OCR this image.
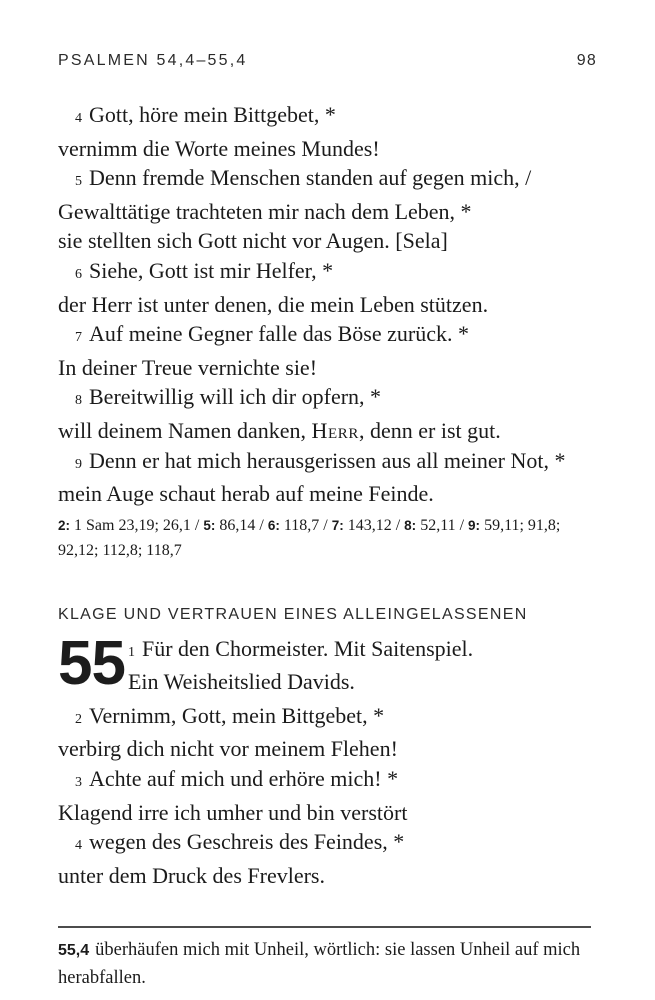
PSALMEN 54,4–55,4	98
4 Gott, höre mein Bittgebet, *
vernimm die Worte meines Mundes!
5 Denn fremde Menschen standen auf gegen mich, /
Gewalttätige trachteten mir nach dem Leben, *
sie stellten sich Gott nicht vor Augen. [Sela]
6 Siehe, Gott ist mir Helfer, *
der Herr ist unter denen, die mein Leben stützen.
7 Auf meine Gegner falle das Böse zurück. *
In deiner Treue vernichte sie!
8 Bereitwillig will ich dir opfern, *
will deinem Namen danken, Herr, denn er ist gut.
9 Denn er hat mich herausgerissen aus all meiner Not, *
mein Auge schaut herab auf meine Feinde.
2: 1 Sam 23,19; 26,1 / 5: 86,14 / 6: 118,7 / 7: 143,12 / 8: 52,11 / 9: 59,11; 91,8; 92,12; 112,8; 118,7
KLAGE UND VERTRAUEN EINES ALLEINGELASSENEN
55 1 Für den Chormeister. Mit Saitenspiel.
Ein Weisheitslied Davids.
2 Vernimm, Gott, mein Bittgebet, *
verbirg dich nicht vor meinem Flehen!
3 Achte auf mich und erhöre mich! *
Klagend irre ich umher und bin verstört
4 wegen des Geschreis des Feindes, *
unter dem Druck des Frevlers.
55,4 überhäufen mich mit Unheil, wörtlich: sie lassen Unheil auf mich herabfallen.
